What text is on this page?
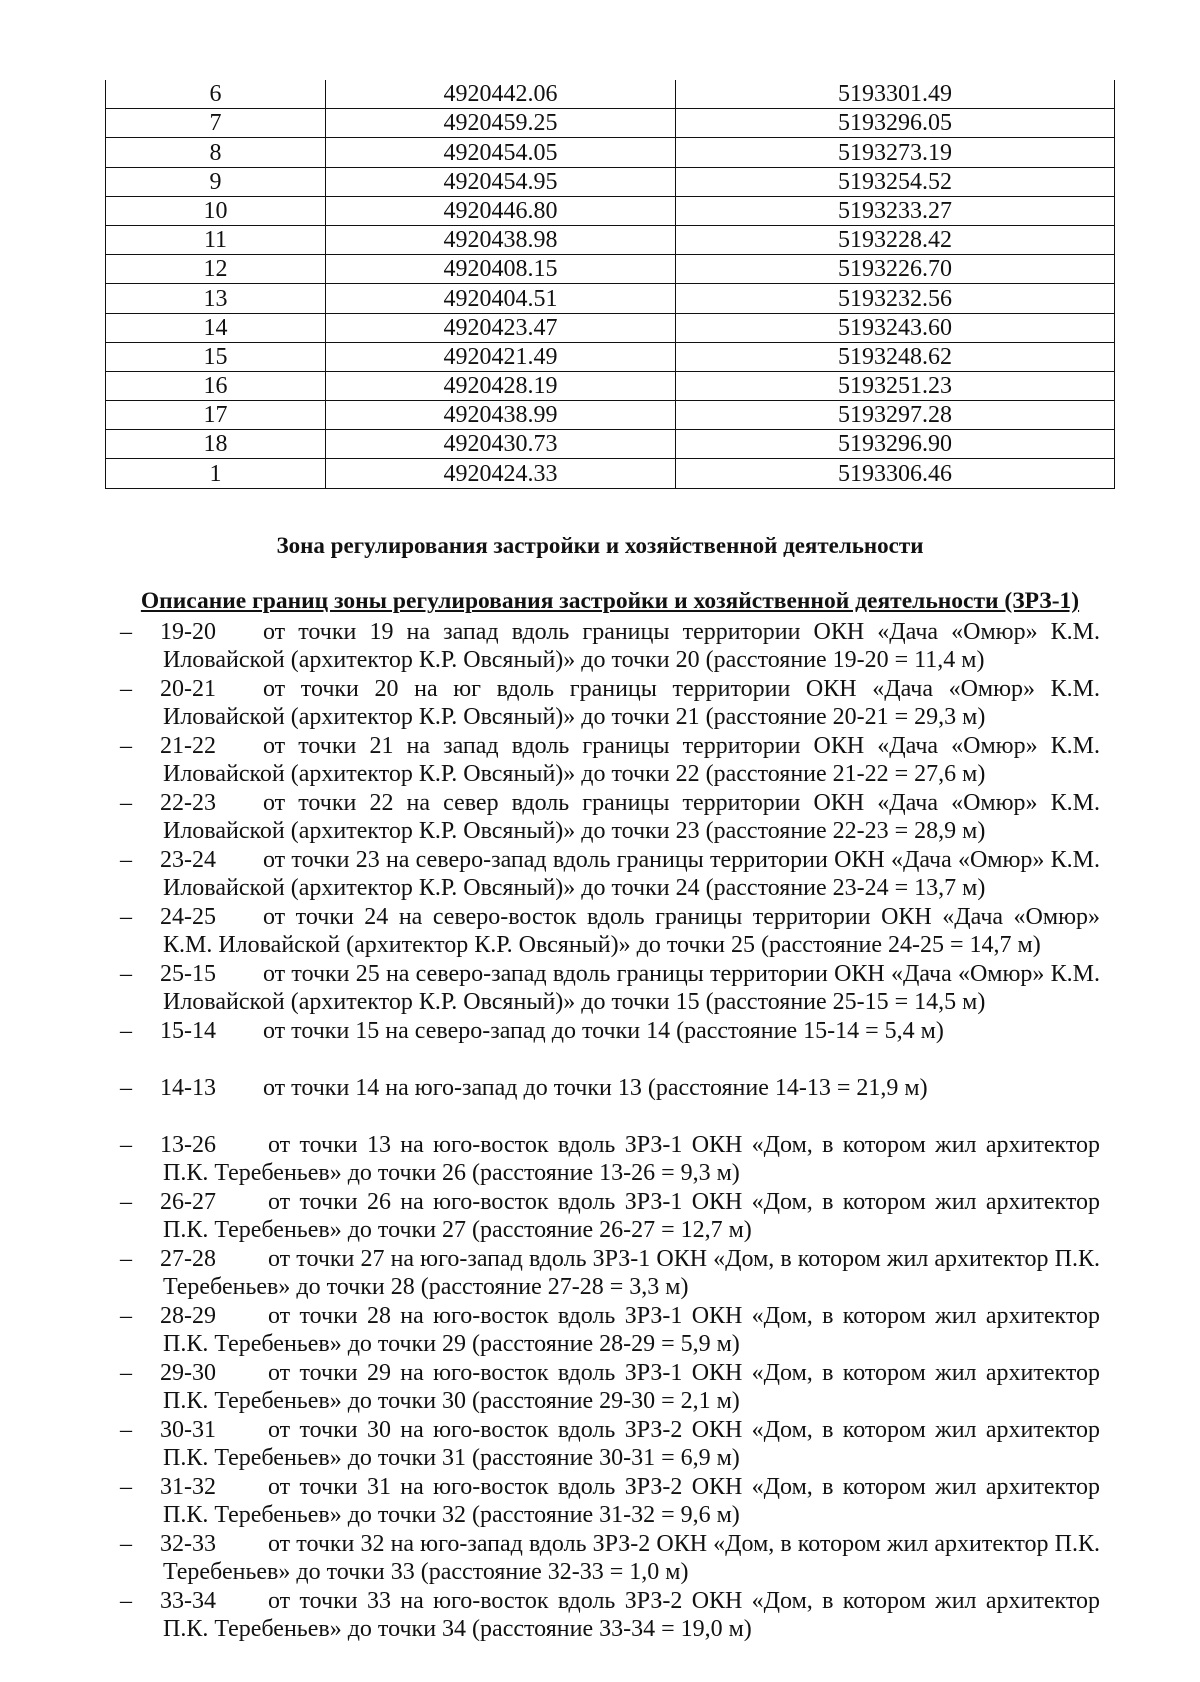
6	4920442.06	5193301.49
7	4920459.25	5193296.05
8	4920454.05	5193273.19
9	4920454.95	5193254.52
10	4920446.80	5193233.27
11	4920438.98	5193228.42
12	4920408.15	5193226.70
13	4920404.51	5193232.56
14	4920423.47	5193243.60
15	4920421.49	5193248.62
16	4920428.19	5193251.23
17	4920438.99	5193297.28
18	4920430.73	5193296.90
1	4920424.33	5193306.46
Зона регулирования застройки и хозяйственной деятельности
Описание границ зоны регулирования застройки и хозяйственной деятельности (ЗРЗ-1)
– 19-20	от точки 19 на запад вдоль границы территории ОКН «Дача «Омюр» К.М. Иловайской (архитектор К.Р. Овсяный)» до точки 20 (расстояние 19-20 = 11,4 м)
– 20-21	от точки 20 на юг вдоль границы территории ОКН «Дача «Омюр» К.М. Иловайской (архитектор К.Р. Овсяный)» до точки 21 (расстояние 20-21 = 29,3 м)
– 21-22	от точки 21 на запад вдоль границы территории ОКН «Дача «Омюр» К.М. Иловайской (архитектор К.Р. Овсяный)» до точки 22 (расстояние 21-22 = 27,6 м)
– 22-23	от точки 22 на север вдоль границы территории ОКН «Дача «Омюр» К.М. Иловайской (архитектор К.Р. Овсяный)» до точки 23 (расстояние 22-23 = 28,9 м)
– 23-24	от точки 23 на северо-запад вдоль границы территории ОКН «Дача «Омюр» К.М. Иловайской (архитектор К.Р. Овсяный)» до точки 24 (расстояние 23-24 = 13,7 м)
– 24-25	от точки 24 на северо-восток вдоль границы территории ОКН «Дача «Омюр» К.М. Иловайской (архитектор К.Р. Овсяный)» до точки 25 (расстояние 24-25 = 14,7 м)
– 25-15	от точки 25 на северо-запад вдоль границы территории ОКН «Дача «Омюр» К.М. Иловайской (архитектор К.Р. Овсяный)» до точки 15 (расстояние 25-15 = 14,5 м)
– 15-14	от точки 15 на северо-запад до точки 14 (расстояние 15-14 = 5,4 м)
– 14-13	от точки 14 на юго-запад до точки 13 (расстояние 14-13 = 21,9 м)
– 13-26	от точки 13 на юго-восток вдоль ЗРЗ-1 ОКН «Дом, в котором жил архитектор П.К. Теребеньев» до точки 26 (расстояние 13-26 = 9,3 м)
– 26-27	от точки 26 на юго-восток вдоль ЗРЗ-1 ОКН «Дом, в котором жил архитектор П.К. Теребеньев» до точки 27 (расстояние 26-27 = 12,7 м)
– 27-28	от точки 27 на юго-запад вдоль ЗРЗ-1 ОКН «Дом, в котором жил архитектор П.К. Теребеньев» до точки 28 (расстояние 27-28 = 3,3 м)
– 28-29	от точки 28 на юго-восток вдоль ЗРЗ-1 ОКН «Дом, в котором жил архитектор П.К. Теребеньев» до точки 29 (расстояние 28-29 = 5,9 м)
– 29-30	от точки 29 на юго-восток вдоль ЗРЗ-1 ОКН «Дом, в котором жил архитектор П.К. Теребеньев» до точки 30 (расстояние 29-30 = 2,1 м)
– 30-31	от точки 30 на юго-восток вдоль ЗРЗ-2 ОКН «Дом, в котором жил архитектор П.К. Теребеньев» до точки 31 (расстояние 30-31 = 6,9 м)
– 31-32	от точки 31 на юго-восток вдоль ЗРЗ-2 ОКН «Дом, в котором жил архитектор П.К. Теребеньев» до точки 32 (расстояние 31-32 = 9,6 м)
– 32-33	от точки 32 на юго-запад вдоль ЗРЗ-2 ОКН «Дом, в котором жил архитектор П.К. Теребеньев» до точки 33 (расстояние 32-33 = 1,0 м)
– 33-34	от точки 33 на юго-восток вдоль ЗРЗ-2 ОКН «Дом, в котором жил архитектор П.К. Теребеньев» до точки 34 (расстояние 33-34 = 19,0 м)
